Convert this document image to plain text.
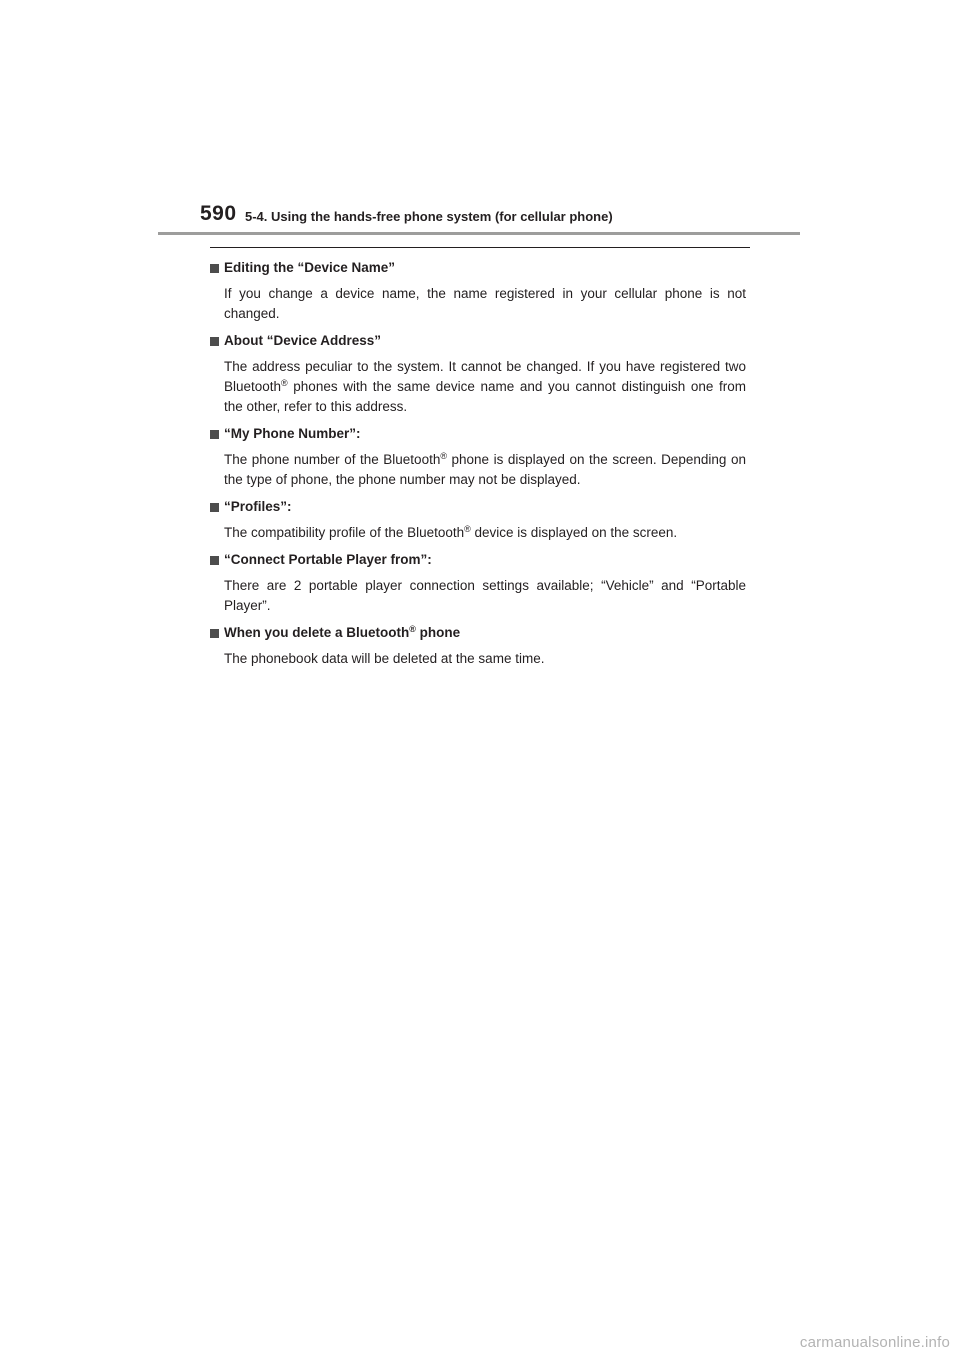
590 5-4. Using the hands-free phone system (for cellular phone)
Editing the “Device Name”
If you change a device name, the name registered in your cellular phone is not changed.
About “Device Address”
The address peculiar to the system. It cannot be changed. If you have registered two Bluetooth® phones with the same device name and you cannot distinguish one from the other, refer to this address.
“My Phone Number”:
The phone number of the Bluetooth® phone is displayed on the screen. Depending on the type of phone, the phone number may not be displayed.
“Profiles”:
The compatibility profile of the Bluetooth® device is displayed on the screen.
“Connect Portable Player from”:
There are 2 portable player connection settings available; “Vehicle” and “Portable Player”.
When you delete a Bluetooth® phone
The phonebook data will be deleted at the same time.
carmanualsonline.info
